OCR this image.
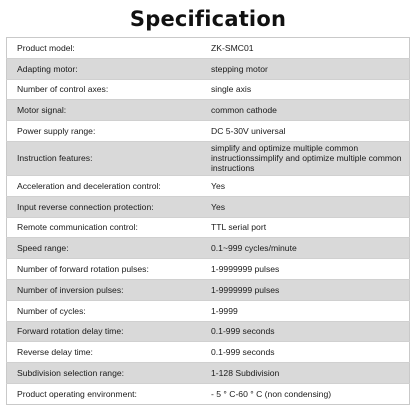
Specification
Product model:	ZK-SMC01
Adapting motor:	stepping motor
Number of control axes:	single axis
Motor signal:	common cathode
Power supply range:	DC 5-30V universal
Instruction features:	simplify and optimize multiple common instructionssimplify and optimize multiple common instructions
Acceleration and deceleration control:	Yes
Input reverse connection protection:	Yes
Remote communication control:	TTL serial port
Speed range:	0.1~999 cycles/minute
Number of forward rotation pulses:	1-9999999 pulses
Number of inversion pulses:	1-9999999 pulses
Number of cycles:	1-9999
Forward rotation delay time:	0.1-999 seconds
Reverse delay time:	0.1-999 seconds
Subdivision selection range:	1-128 Subdivision
Product operating environment:	- 5 ° C-60 ° C (non condensing)
